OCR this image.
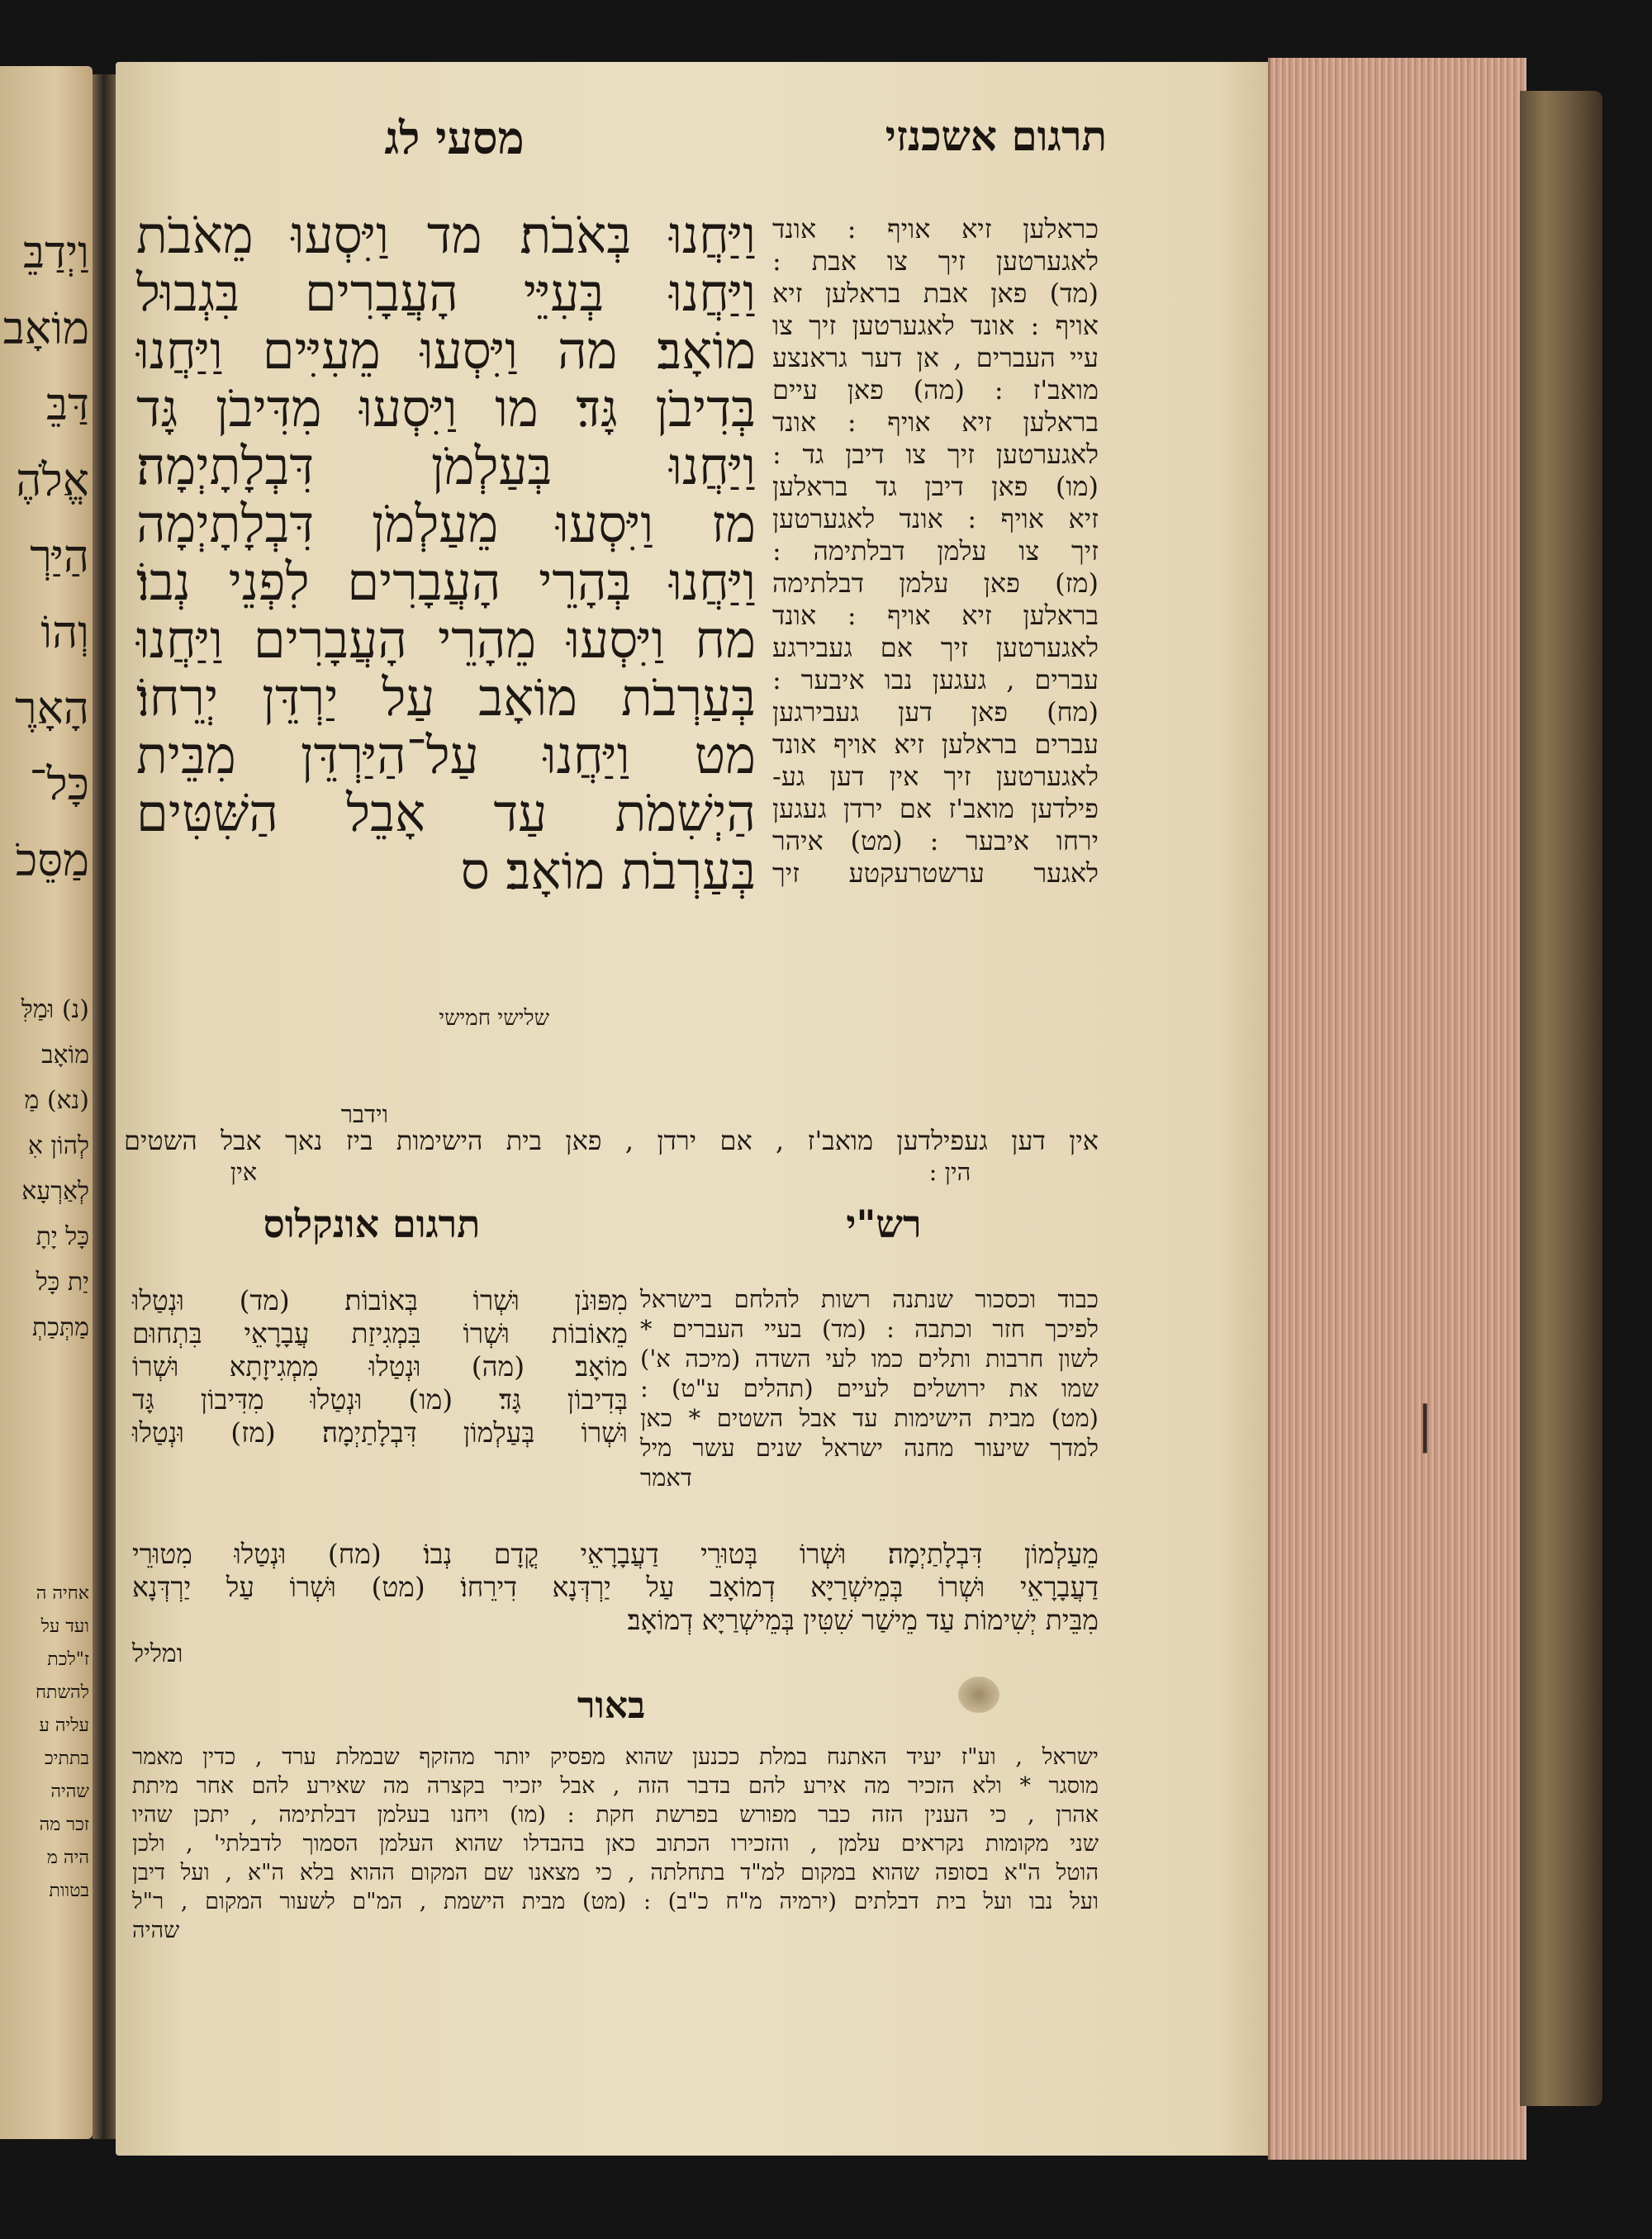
וַיְדַבֵּ
מוֹאָב
דַּבֵּ
אֱלֹהֶ
הַיַּרְ
וְהוֹ
הָאָרֶ
כָּל־
מַסֵּכֹ
(נ) וּמַלִּ
מוֹאָב
(נא) מַ
לְהוֹן אִ
לְאַרְעָא
כָּל יָתָ
יַת כָּל
מַתְּכַתְ
אחיה ה
ועד על
ז"לכת
להשתח
עליה ע
בתתיכ
שהיה
זכר מה
היה מ
בטוות
תרגום אשכנזי
מסעי לג
וַיַּחֲנוּ בְּאֹבֹת׃ מד וַיִּסְעוּ מֵאֹבֹת
וַיַּחֲנוּ בְּעִיֵּי הָעֲבָרִים בִּגְבוּל
מוֹאָב׃ מה וַיִּסְעוּ מֵעִיִּים וַיַּחֲנוּ
בְּדִיבֹן גָּד׃ מו וַיִּסְעוּ מִדִּיבֹן גָּד
וַיַּחֲנוּ בְּעַלְמֹן דִּבְלָתָיְמָה׃
מז וַיִּסְעוּ מֵעַלְמֹן דִּבְלָתָיְמָה
וַיַּחֲנוּ בְּהָרֵי הָעֲבָרִים לִפְנֵי נְבוֹ׃
מח וַיִּסְעוּ מֵהָרֵי הָעֲבָרִים וַיַּחֲנוּ
בְּעַרְבֹת מוֹאָב עַל יַרְדֵּן יְרֵחוֹ׃
מט וַיַּחֲנוּ עַל־הַיַּרְדֵּן מִבֵּית
הַיְשִׁמֹת עַד אָבֵל הַשִּׁטִּים
בְּעַרְבֹת מוֹאָב׃ ס
שלישי חמישי
כראלען זיא אויף : אונד
לאגערטען זיך צו אבת :
(מד) פאן אבת בראלען זיא
אויף : אונד לאגערטען זיך צו
עיי העברים , אן דער גראנצע
מואב'ז : (מה) פאן עיים
בראלען זיא אויף : אונד
לאגערטען זיך צו דיבן גד :
(מו) פאן דיבן גד בראלען
זיא אויף : אונד לאגערטען
זיך צו עלמן דבלתימה :
(מז) פאן עלמן דבלתימה
בראלען זיא אויף : אונד
לאגערטען זיך אם געבירגע
עברים , געגען נבו איבער :
(מח) פאן דען געבירגען
עברים בראלען זיא אויף אונד
לאגערטען זיך אין דען גע-
פילדען מואב'ז אם ירדן געגען
ירחו איבער : (מט) איהר
לאגער ערשטרעקטע זיך
וידבר
אין דען געפילדען מואב'ז , אם ירדן , פאן בית הישימות ביז נאך אבל השטים
הין :
אין
רש"י
תרגום אונקלוס
כבוד וכסכור שנתנה רשות להלחם בישראל
לפיכך חזר וכתבה : (מד) בעיי העברים *
לשון חרבות ותלים כמו לעי השדה (מיכה א')
שמו את ירושלים לעיים (תהלים ע"ט) :
(מט) מבית הישימות עד אבל השטים * כאן
למדך שיעור מחנה ישראל שנים עשר מיל
דאמר
מִפּוּנֹן וּשְׁרוֹ בְּאוֹבוֹת׃ (מד) וּנְטַלוּ
מֵאוֹבוֹת וּשְׁרוֹ בִּמְגִיזַת עֲבָרָאֵי בִּתְחוּם
מוֹאָב׃ (מה) וּנְטַלוּ מִמְגִיזָתָא וּשְׁרוֹ
בְּדִיבוֹן גָּד׃ (מו) וּנְטַלוּ מִדִּיבוֹן גָּד
וּשְׁרוֹ בְּעַלְמוֹן דִּבְלָתַיְמָה׃ (מז) וּנְטַלוּ
מֵעַלְמוֹן דִּבְלָתַיְמָה׃ וּשְׁרוֹ בְּטוּרֵי דַעֲבָרָאֵי קֳדָם נְבוֹ׃ (מח) וּנְטַלוּ מִטוּרֵי
דַעֲבָרָאֵי וּשְׁרוֹ בְּמֵישְׁרַיָּא דְמוֹאָב עַל יַרְדְּנָא דִירֵחוֹ׃ (מט) וּשְׁרוֹ עַל יַרְדְּנָא
מִבֵּית יְשִׁימוֹת עַד מֵישַׁר שִׁטִּין בְּמֵישְׁרַיָּא דְמוֹאָב׃
ומליל
באור
ישראל , וע"ז יעיד האתנח במלת ככנען שהוא מפסיק יותר מהזקף שבמלת ערד , כדין מאמר
מוסגר * ולא הזכיר מה אירע להם בדבר הזה , אבל יזכיר בקצרה מה שאירע להם אחר מיתת
אהרן , כי הענין הזה כבר מפורש בפרשת חקת : (מו) ויחנו בעלמן דבלתימה , יתכן שהיו
שני מקומות נקראים עלמן , והזכירו הכתוב כאן בהבדלו שהוא העלמן הסמוך לדבלתי' , ולכן
הוטל ה"א בסופה שהוא במקום למ"ד בתחלתה , כי מצאנו שם המקום ההוא בלא ה"א , ועל דיבן
ועל נבו ועל בית דבלתים (ירמיה מ"ח כ"ב) : (מט) מבית הישמת , המ"ם לשעור המקום , ר"ל
שהיה
❘
